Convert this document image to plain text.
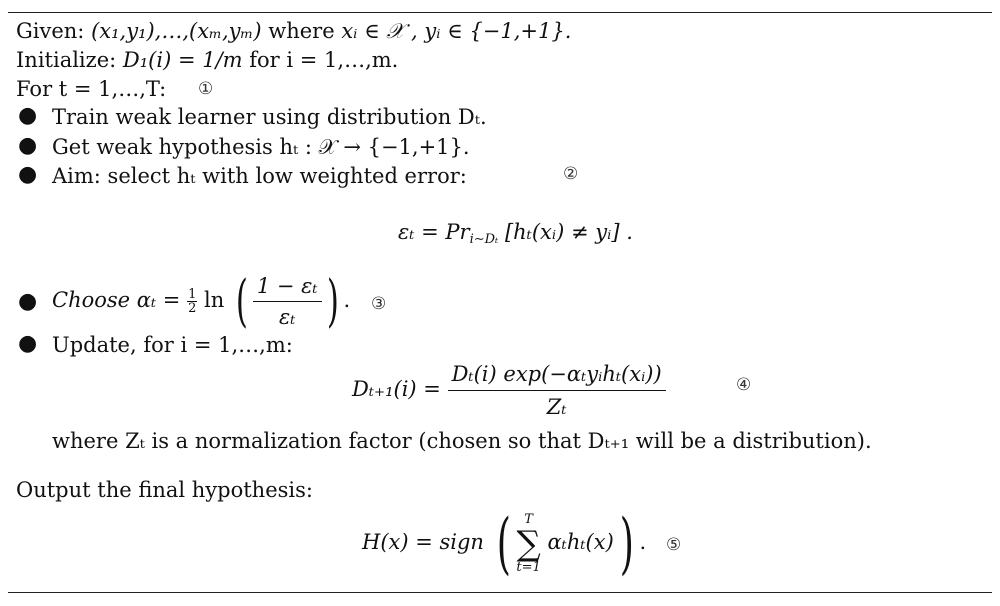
Given: (x₁,y₁),…,(xₘ,yₘ) where xᵢ ∈ 𝒳 , yᵢ ∈ {−1,+1}.
Initialize: D₁(i) = 1/m for i = 1,…,m.
For t = 1,…,T: ①
● Train weak learner using distribution Dₜ.
● Get weak hypothesis hₜ : 𝒳 → {−1,+1}.
● Aim: select hₜ with low weighted error:	②
$\varepsilon_t = Pr_{i\sim D_t}$ [hₜ(xᵢ) ≠ yᵢ] .
● Choose $\alpha_t = \frac{1}{2}$ ln ( $\frac{\text{1 − εₜ}}{\text{εₜ}}$ ) . ③
● Update, for i = 1,…,m:
$D_{t+1}(i) = \frac{\text{Dₜ(i) exp(−αₜyᵢhₜ(xᵢ))}}{\text{Zₜ}}$	④
where Zₜ is a normalization factor (chosen so that Dₜ₊₁ will be a distribution).
Output the final hypothesis:
H(x) = sign (	T
∑
t=1
αₜhₜ(x)) . ⑤
